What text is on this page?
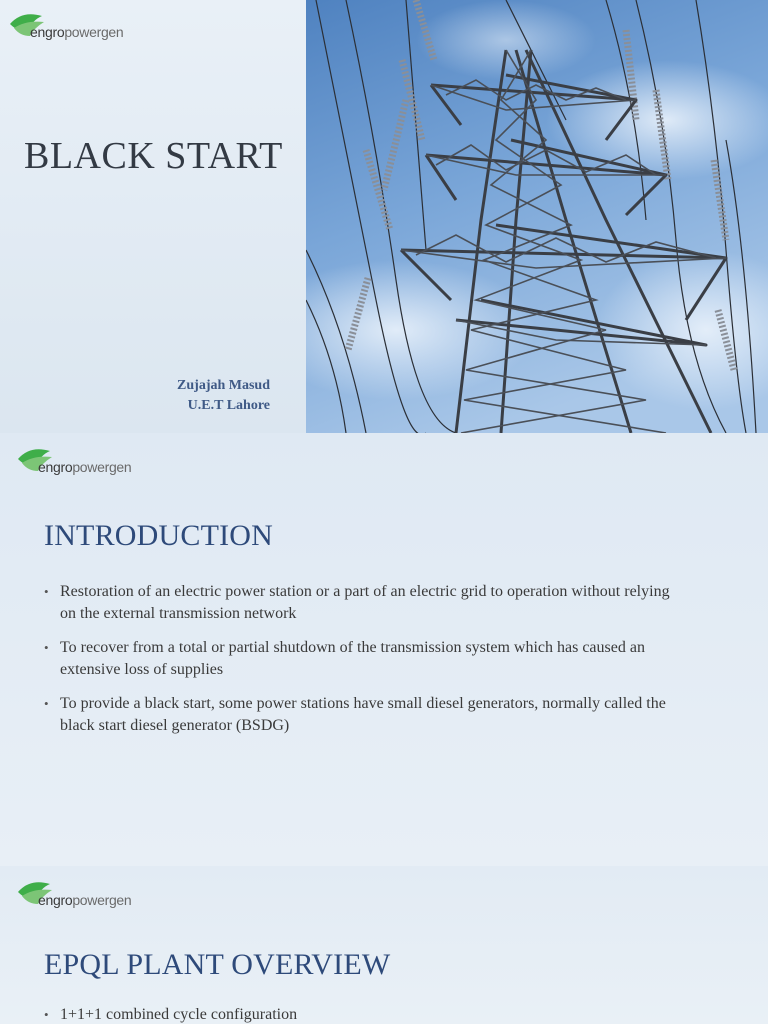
engropowergen
BLACK START
Zujajah Masud
U.E.T Lahore
engropowergen
INTRODUCTION
• Restoration of an electric power station or a part of an electric grid to operation without relying on the external transmission network
• To recover from a total or partial shutdown of the transmission system which has caused an extensive loss of supplies
• To provide a black start, some power stations have small diesel generators, normally called the black start diesel generator (BSDG)
engropowergen
EPQL PLANT OVERVIEW
• 1+1+1 combined cycle configuration
